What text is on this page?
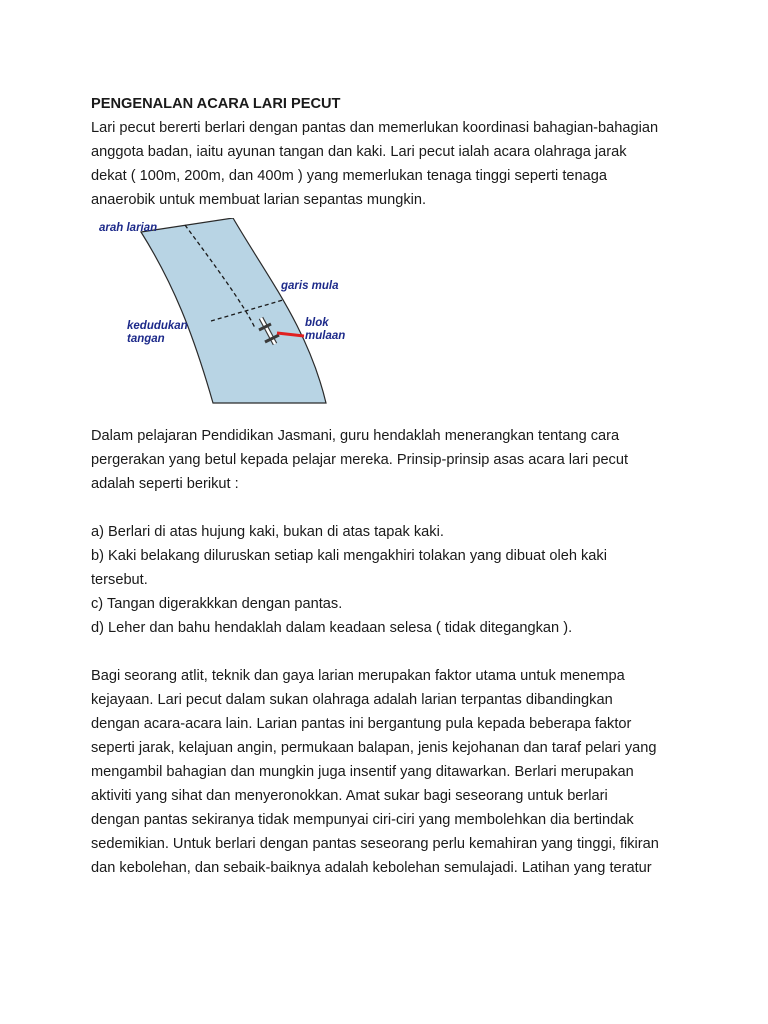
PENGENALAN ACARA LARI PECUT

Lari pecut bererti berlari dengan pantas dan memerlukan koordinasi bahagian-bahagian

anggota badan, iaitu ayunan tangan dan kaki. Lari pecut ialah acara olahraga jarak

dekat ( 100m, 200m, dan 400m ) yang memerlukan tenaga tinggi seperti tenaga

anaerobik untuk membuat larian sepantas mungkin.

arah larian
garis mula
kedudukan
tangan
blok
mulaan

Dalam pelajaran Pendidikan Jasmani, guru hendaklah menerangkan tentang cara

pergerakan yang betul kepada pelajar mereka. Prinsip-prinsip asas acara lari pecut

adalah seperti berikut :

a) Berlari di atas hujung kaki, bukan di atas tapak kaki.

b) Kaki belakang diluruskan setiap kali mengakhiri tolakan yang dibuat oleh kaki

tersebut.

c) Tangan digerakkkan dengan pantas.

d) Leher dan bahu hendaklah dalam keadaan selesa ( tidak ditegangkan ).

Bagi seorang atlit, teknik dan gaya larian merupakan faktor utama untuk menempa

kejayaan. Lari pecut dalam sukan olahraga adalah larian terpantas dibandingkan

dengan acara-acara lain. Larian pantas ini bergantung pula kepada beberapa faktor

seperti jarak, kelajuan angin, permukaan balapan, jenis kejohanan dan taraf pelari yang

mengambil bahagian dan mungkin juga insentif yang ditawarkan. Berlari merupakan

aktiviti yang sihat dan menyeronokkan. Amat sukar bagi seseorang untuk berlari

dengan pantas sekiranya tidak mempunyai ciri-ciri yang membolehkan dia bertindak

sedemikian. Untuk berlari dengan pantas seseorang perlu kemahiran yang tinggi, fikiran

dan kebolehan, dan sebaik-baiknya adalah kebolehan semulajadi. Latihan yang teratur
